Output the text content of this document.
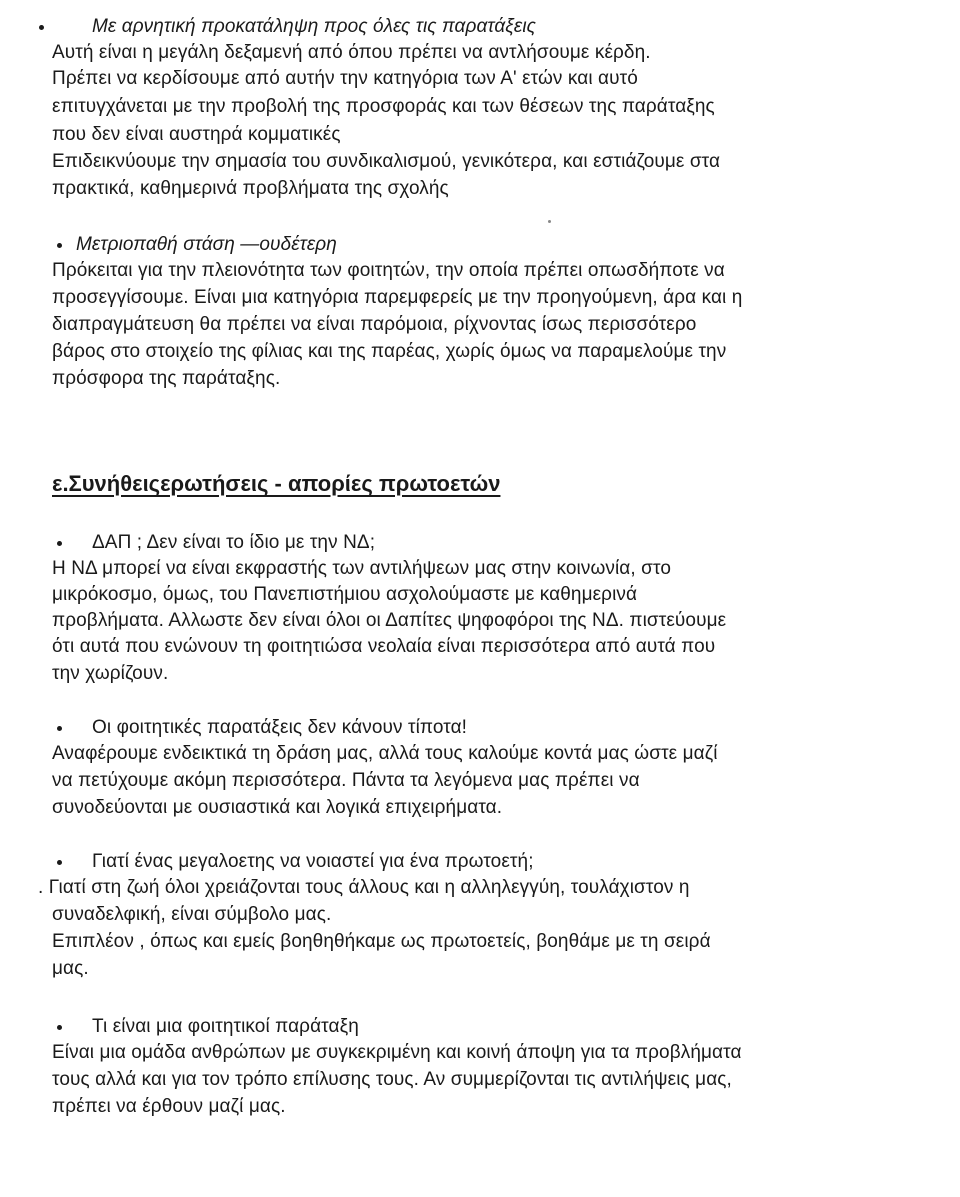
Με αρνητική προκατάληψη προς όλες τις παρατάξεις
Αυτή είναι η μεγάλη δεξαμενή από όπου πρέπει να αντλήσουμε κέρδη.
Πρέπει να κερδίσουμε από αυτήν την κατηγόρια των Α' ετών και αυτό
επιτυγχάνεται με την προβολή της προσφοράς και των θέσεων της παράταξης
που δεν είναι αυστηρά κομματικές
Επιδεικνύουμε την σημασία του συνδικαλισμού, γενικότερα, και εστιάζουμε στα
πρακτικά, καθημερινά προβλήματα της σχολής
Μετριοπαθή στάση —ουδέτερη
Πρόκειται για την πλειονότητα των φοιτητών, την οποία πρέπει οπωσδήποτε να
προσεγγίσουμε. Είναι μια κατηγόρια παρεμφερείς με την προηγούμενη, άρα και η
διαπραγμάτευση θα πρέπει να είναι παρόμοια, ρίχνοντας ίσως περισσότερο
βάρος στο στοιχείο της φίλιας και της παρέας, χωρίς όμως να παραμελούμε την
πρόσφορα της παράταξης.
ε.Συνήθειςερωτήσεις - απορίες πρωτοετών
ΔΑΠ ; Δεν είναι το ίδιο με την ΝΔ;
Η ΝΔ μπορεί να είναι εκφραστής των αντιλήψεων μας στην κοινωνία, στο
μικρόκοσμο, όμως, του Πανεπιστήμιου ασχολούμαστε με καθημερινά
προβλήματα. Αλλωστε δεν είναι όλοι οι Δαπίτες ψηφοφόροι της ΝΔ. πιστεύουμε
ότι αυτά που ενώνουν τη φοιτητιώσα νεολαία είναι περισσότερα από αυτά που
την χωρίζουν.
Οι φοιτητικές παρατάξεις δεν κάνουν τίποτα!
Αναφέρουμε ενδεικτικά τη δράση μας, αλλά τους καλούμε κοντά μας ώστε μαζί
να πετύχουμε ακόμη περισσότερα. Πάντα τα λεγόμενα μας πρέπει να
συνοδεύονται με ουσιαστικά και λογικά επιχειρήματα.
Γιατί ένας μεγαλοετης να νοιαστεί για ένα πρωτοετή;
. Γιατί στη ζωή όλοι χρειάζονται τους άλλους και η αλληλεγγύη, τουλάχιστον η
συναδελφική, είναι σύμβολο μας.
Επιπλέον , όπως και εμείς βοηθηθήκαμε ως πρωτοετείς, βοηθάμε με τη σειρά
μας.
Τι είναι μια φοιτητικοί παράταξη
Είναι μια ομάδα ανθρώπων με συγκεκριμένη και κοινή άποψη για τα προβλήματα
τους αλλά και για τον τρόπο επίλυσης τους. Αν συμμερίζονται τις αντιλήψεις μας,
πρέπει να έρθουν μαζί μας.
